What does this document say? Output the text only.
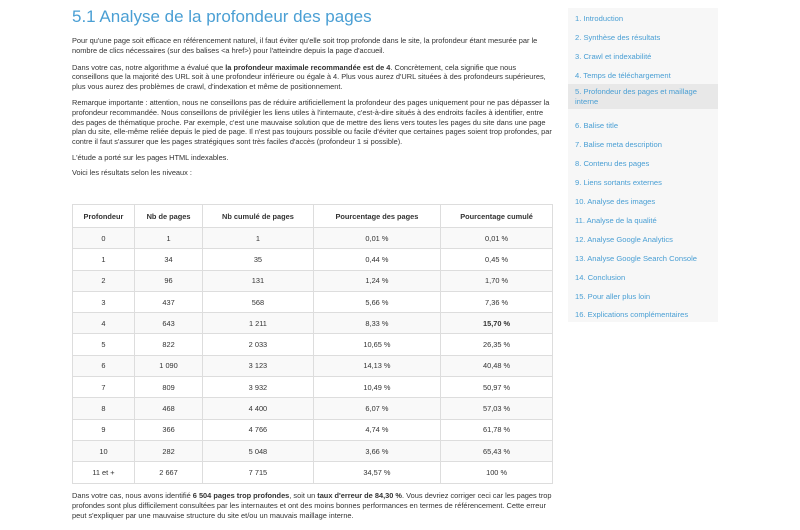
5.1 Analyse de la profondeur des pages

Pour qu'une page soit efficace en référencement naturel, il faut éviter qu'elle soit trop profonde dans le site, la profondeur étant mesurée par le nombre de clics nécessaires (sur des balises <a href>) pour l'atteindre depuis la page d'accueil.

Dans votre cas, notre algorithme a évalué que la profondeur maximale recommandée est de 4. Concrètement, cela signifie que nous conseillons que la majorité des URL soit à une profondeur inférieure ou égale à 4. Plus vous aurez d'URL situées à des profondeurs supérieures, plus vous aurez des problèmes de crawl, d'indexation et même de positionnement.

Remarque importante : attention, nous ne conseillons pas de réduire artificiellement la profondeur des pages uniquement pour ne pas dépasser la profondeur recommandée. Nous conseillons de privilégier les liens utiles à l'internaute, c'est-à-dire situés à des endroits faciles à identifier, entre des pages de thématique proche. Par exemple, c'est une mauvaise solution que de mettre des liens vers toutes les pages du site dans une page plan du site, elle-même reliée depuis le pied de page. Il n'est pas toujours possible ou facile d'éviter que certaines pages soient trop profondes, par contre il faut s'assurer que les pages stratégiques sont très faciles d'accès (profondeur 1 si possible).

L'étude a porté sur les pages HTML indexables.

Voici les résultats selon les niveaux :

Profondeur	Nb de pages	Nb cumulé de pages	Pourcentage des pages	Pourcentage cumulé
0	1	1	0,01 %	0,01 %
1	34	35	0,44 %	0,45 %
2	96	131	1,24 %	1,70 %
3	437	568	5,66 %	7,36 %
4	643	1 211	8,33 %	15,70 %
5	822	2 033	10,65 %	26,35 %
6	1 090	3 123	14,13 %	40,48 %
7	809	3 932	10,49 %	50,97 %
8	468	4 400	6,07 %	57,03 %
9	366	4 766	4,74 %	61,78 %
10	282	5 048	3,66 %	65,43 %
11 et +	2 667	7 715	34,57 %	100 %

Dans votre cas, nous avons identifié 6 504 pages trop profondes, soit un taux d'erreur de 84,30 %. Vous devriez corriger ceci car les pages trop profondes sont plus difficilement consultées par les internautes et ont des moins bonnes performances en termes de référencement. Cette erreur peut s'expliquer par une mauvaise structure du site et/ou un mauvais maillage interne.

1. Introduction
2. Synthèse des résultats
3. Crawl et indexabilité
4. Temps de téléchargement
5. Profondeur des pages et maillage interne
6. Balise title
7. Balise meta description
8. Contenu des pages
9. Liens sortants externes
10. Analyse des images
11. Analyse de la qualité
12. Analyse Google Analytics
13. Analyse Google Search Console
14. Conclusion
15. Pour aller plus loin
16. Explications complémentaires
